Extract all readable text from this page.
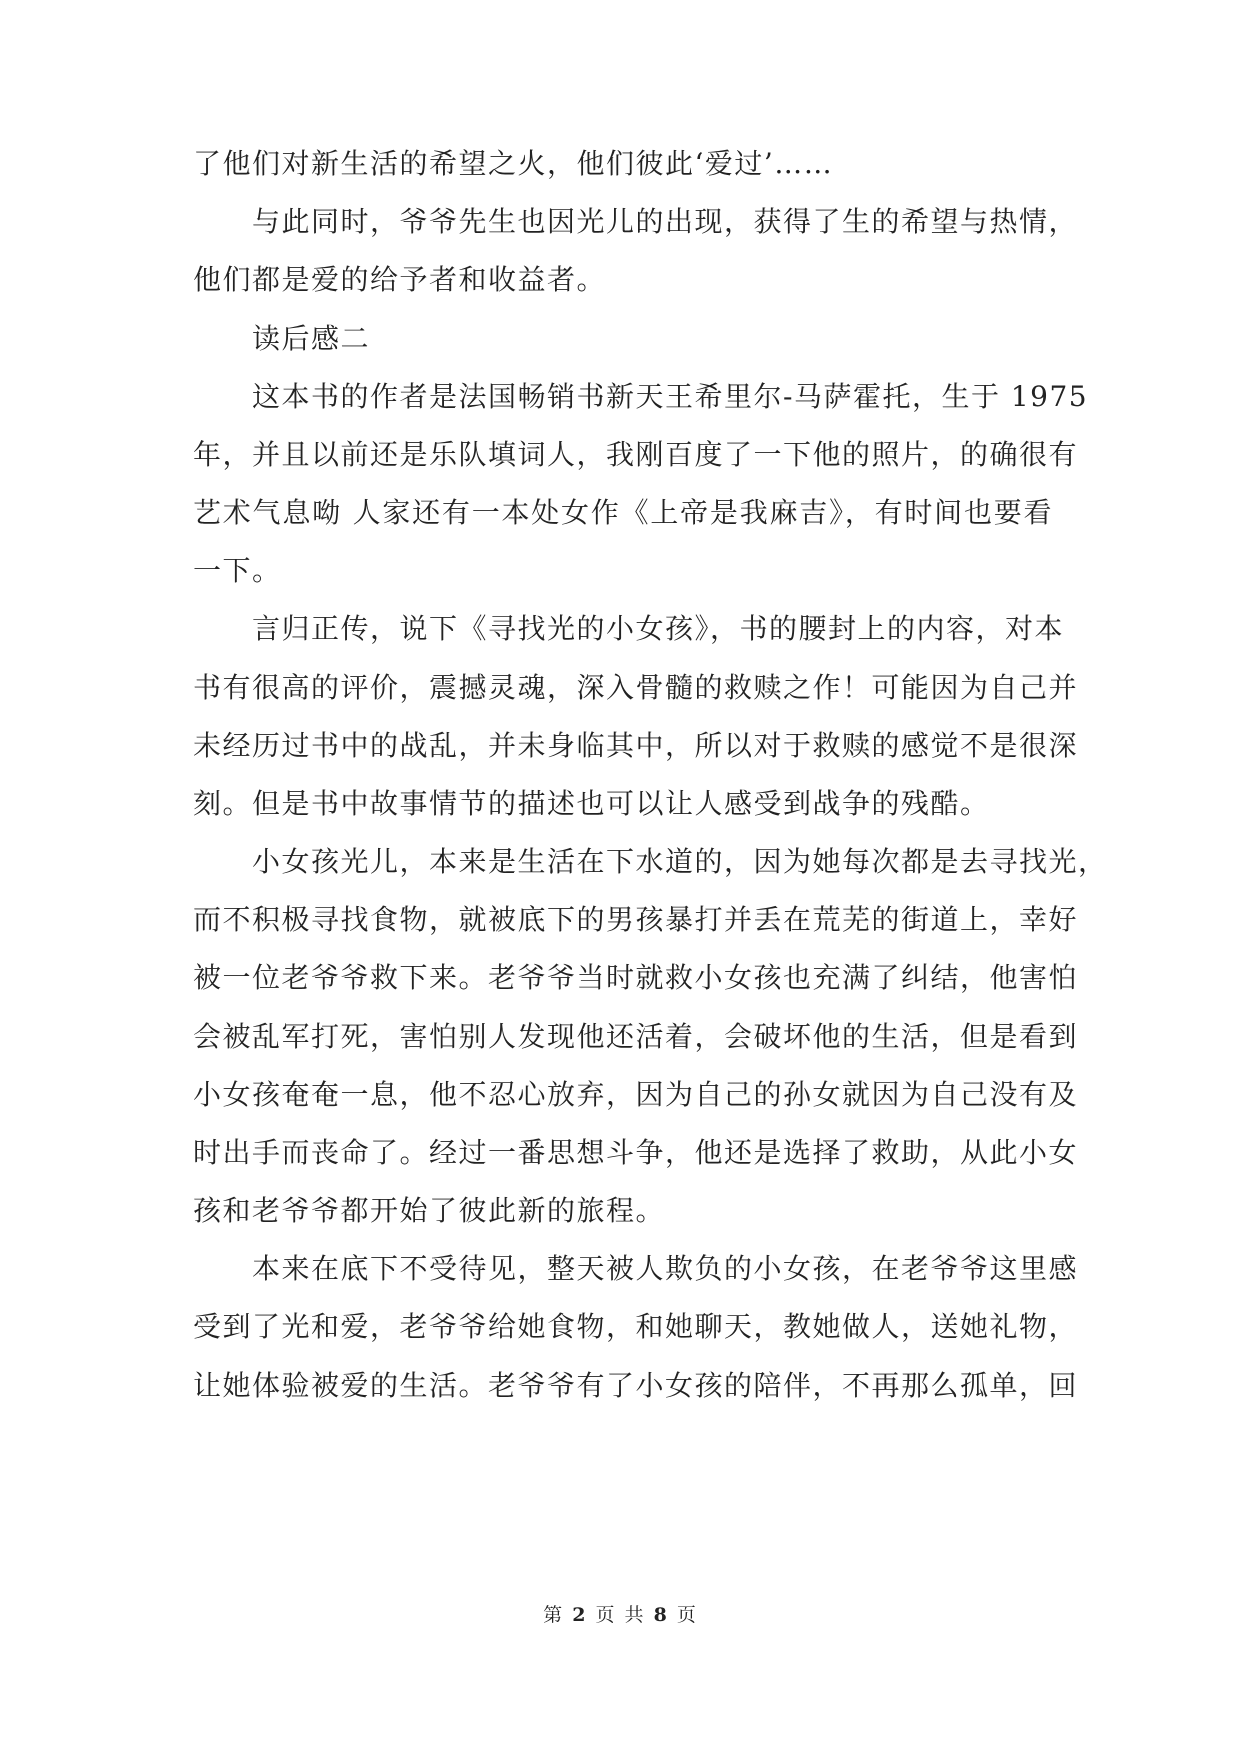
了他们对新生活的希望之火，他们彼此‘爱过’……
　　与此同时，爷爷先生也因光儿的出现，获得了生的希望与热情，
他们都是爱的给予者和收益者。
　　读后感二
　　这本书的作者是法国畅销书新天王希里尔-马萨霍托，生于 1975
年，并且以前还是乐队填词人，我刚百度了一下他的照片，的确很有
艺术气息呦 人家还有一本处女作《上帝是我麻吉》，有时间也要看
一下。
　　言归正传，说下《寻找光的小女孩》，书的腰封上的内容，对本
书有很高的评价，震撼灵魂，深入骨髓的救赎之作！可能因为自己并
未经历过书中的战乱，并未身临其中，所以对于救赎的感觉不是很深
刻。但是书中故事情节的描述也可以让人感受到战争的残酷。
　　小女孩光儿，本来是生活在下水道的，因为她每次都是去寻找光，
而不积极寻找食物，就被底下的男孩暴打并丢在荒芜的街道上，幸好
被一位老爷爷救下来。老爷爷当时就救小女孩也充满了纠结，他害怕
会被乱军打死，害怕别人发现他还活着，会破坏他的生活，但是看到
小女孩奄奄一息，他不忍心放弃，因为自己的孙女就因为自己没有及
时出手而丧命了。经过一番思想斗争，他还是选择了救助，从此小女
孩和老爷爷都开始了彼此新的旅程。
　　本来在底下不受待见，整天被人欺负的小女孩，在老爷爷这里感
受到了光和爱，老爷爷给她食物，和她聊天，教她做人，送她礼物，
让她体验被爱的生活。老爷爷有了小女孩的陪伴，不再那么孤单，回
第 2 页 共 8 页
